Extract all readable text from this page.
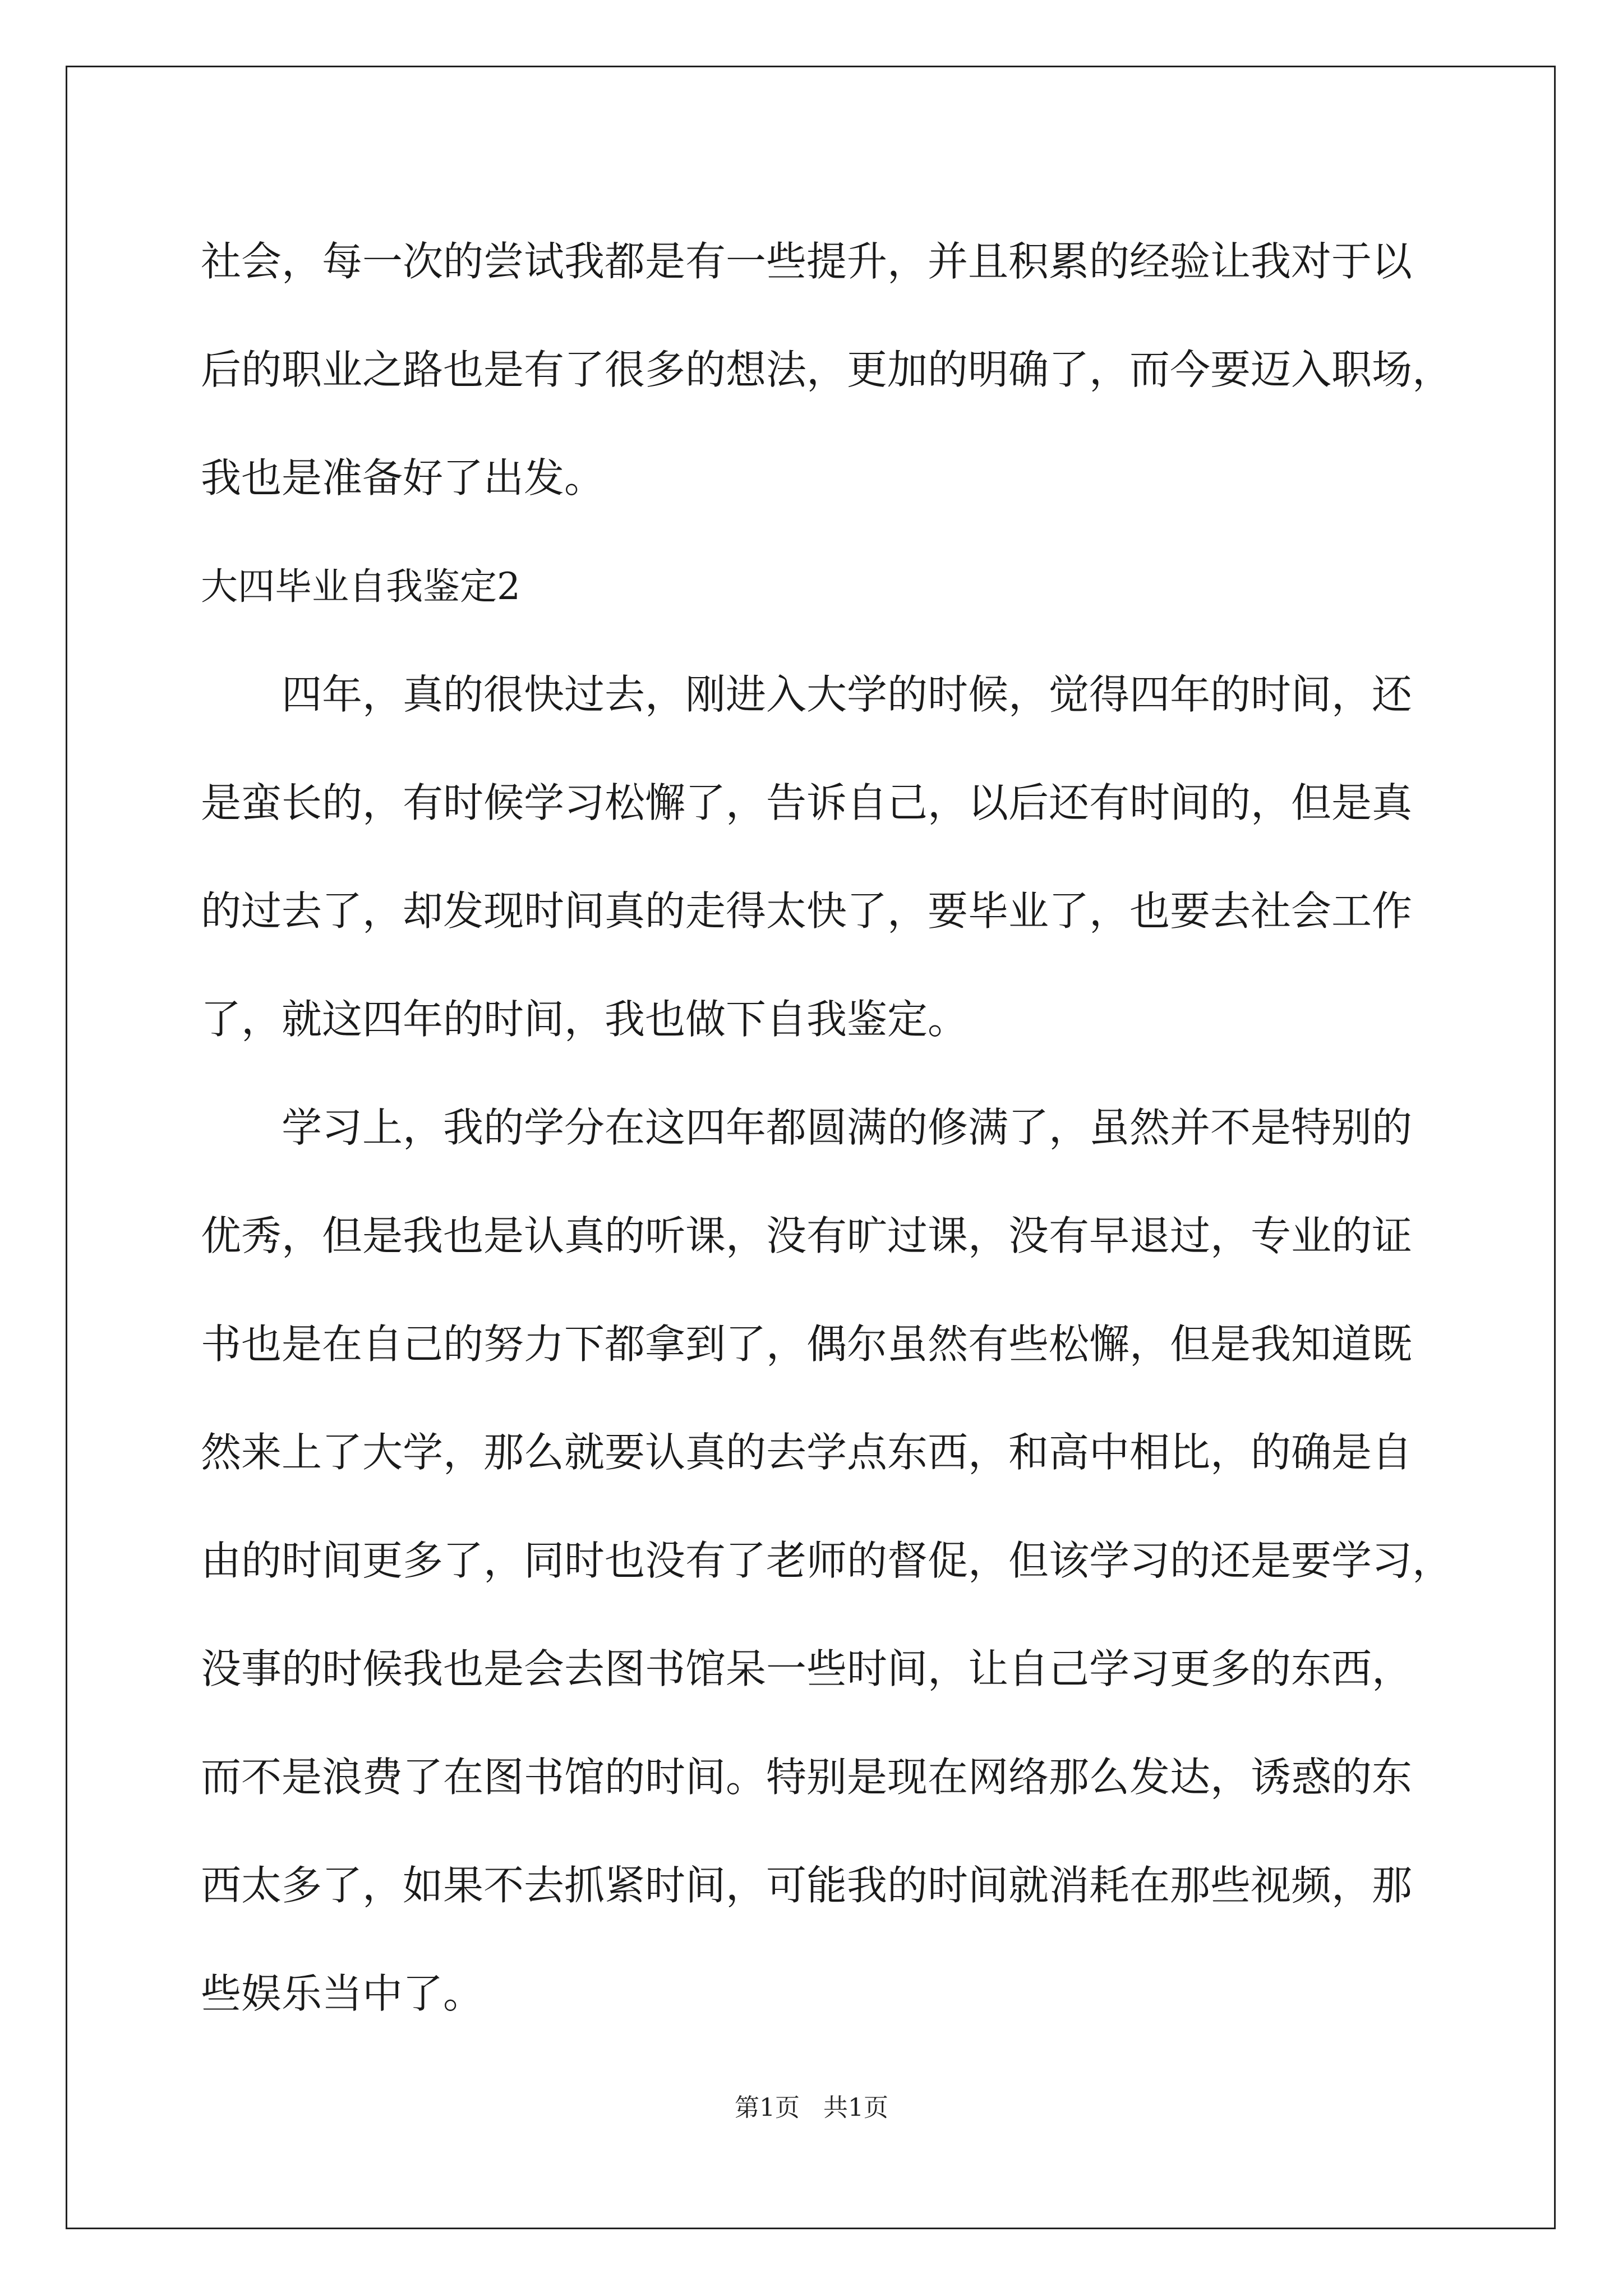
社会，每一次的尝试我都是有一些提升，并且积累的经验让我对于以
后的职业之路也是有了很多的想法，更加的明确了，而今要迈入职场，
我也是准备好了出发。
大四毕业自我鉴定2
四年，真的很快过去，刚进入大学的时候，觉得四年的时间，还
是蛮长的，有时候学习松懈了，告诉自己，以后还有时间的，但是真
的过去了，却发现时间真的走得太快了，要毕业了，也要去社会工作
了，就这四年的时间，我也做下自我鉴定。
学习上，我的学分在这四年都圆满的修满了，虽然并不是特别的
优秀，但是我也是认真的听课，没有旷过课，没有早退过，专业的证
书也是在自己的努力下都拿到了，偶尔虽然有些松懈，但是我知道既
然来上了大学，那么就要认真的去学点东西，和高中相比，的确是自
由的时间更多了，同时也没有了老师的督促，但该学习的还是要学习，
没事的时候我也是会去图书馆呆一些时间，让自己学习更多的东西，
而不是浪费了在图书馆的时间。特别是现在网络那么发达，诱惑的东
西太多了，如果不去抓紧时间，可能我的时间就消耗在那些视频，那
些娱乐当中了。
第1页 共1页
